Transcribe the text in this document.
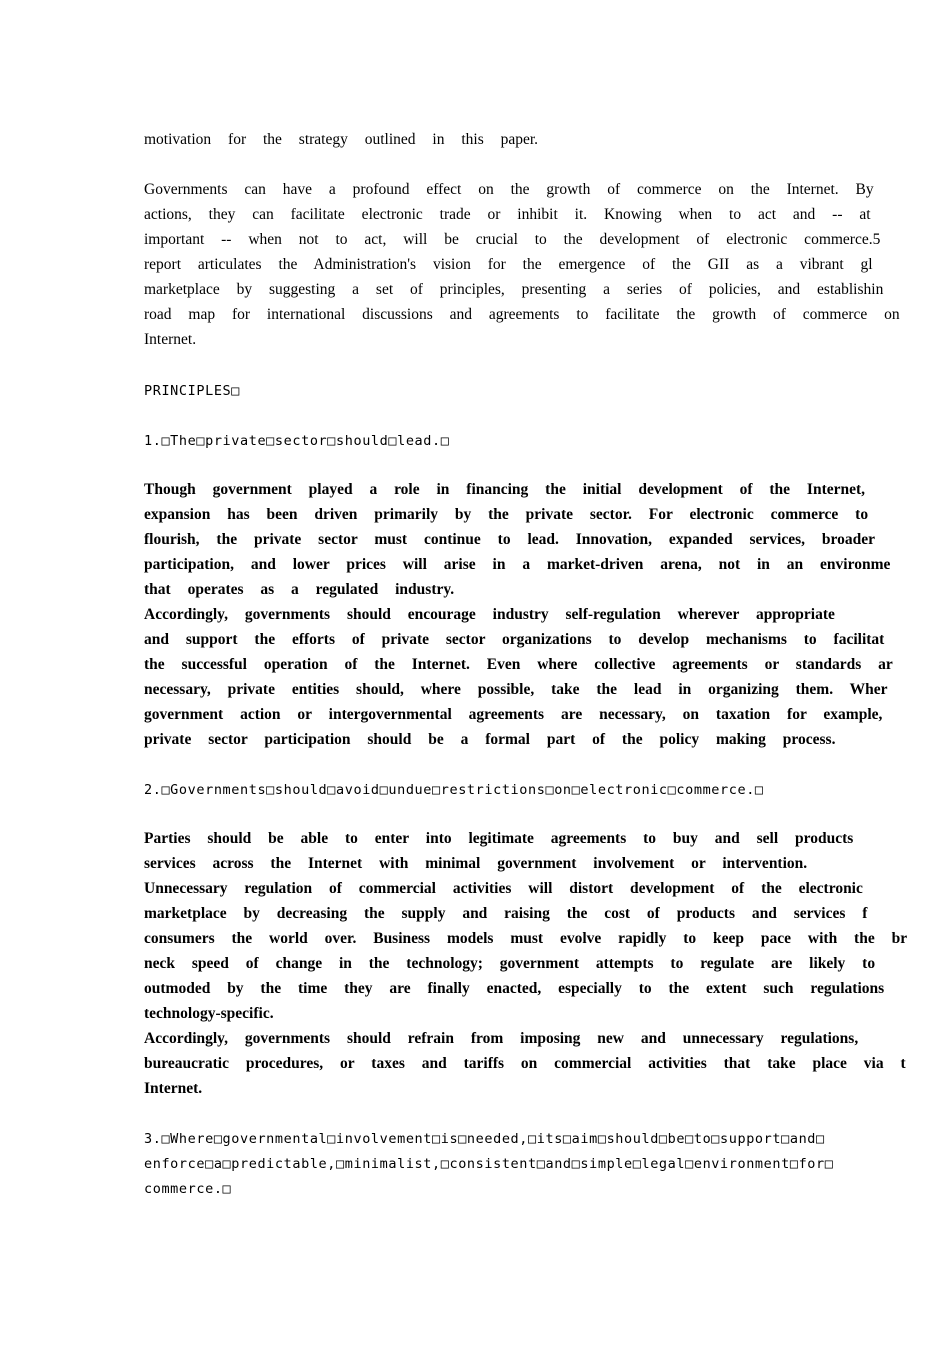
motivation for the strategy outlined in this paper.
Governments can have a profound effect on the growth of commerce on the Internet. By
actions, they can facilitate electronic trade or inhibit it. Knowing when to act and -- at
important -- when not to act, will be crucial to the development of electronic commerce.5
report articulates the Administration's vision for the emergence of the GII as a vibrant gl
marketplace by suggesting a set of principles, presenting a series of policies, and establishin
road map for international discussions and agreements to facilitate the growth of commerce on
Internet.
PRINCIPLES□
1.□The□private□sector□should□lead.□
Though government played a role in financing the initial development of the Internet,
expansion has been driven primarily by the private sector. For electronic commerce to
flourish, the private sector must continue to lead. Innovation, expanded services, broader
participation, and lower prices will arise in a market-driven arena, not in an environme
that operates as a regulated industry.
Accordingly, governments should encourage industry self-regulation wherever appropriate
and support the efforts of private sector organizations to develop mechanisms to facilitat
the successful operation of the Internet. Even where collective agreements or standards ar
necessary, private entities should, where possible, take the lead in organizing them. Wher
government action or intergovernmental agreements are necessary, on taxation for example,
private sector participation should be a formal part of the policy making process.
2.□Governments□should□avoid□undue□restrictions□on□electronic□commerce.□
Parties should be able to enter into legitimate agreements to buy and sell products
services across the Internet with minimal government involvement or intervention.
Unnecessary regulation of commercial activities will distort development of the electronic
marketplace by decreasing the supply and raising the cost of products and services f
consumers the world over. Business models must evolve rapidly to keep pace with the br
neck speed of change in the technology; government attempts to regulate are likely to
outmoded by the time they are finally enacted, especially to the extent such regulations
technology-specific.
Accordingly, governments should refrain from imposing new and unnecessary regulations,
bureaucratic procedures, or taxes and tariffs on commercial activities that take place via t
Internet.
3.□Where□governmental□involvement□is□needed,□its□aim□should□be□to□support□and□
enforce□a□predictable,□minimalist,□consistent□and□simple□legal□environment□for□
commerce.□
